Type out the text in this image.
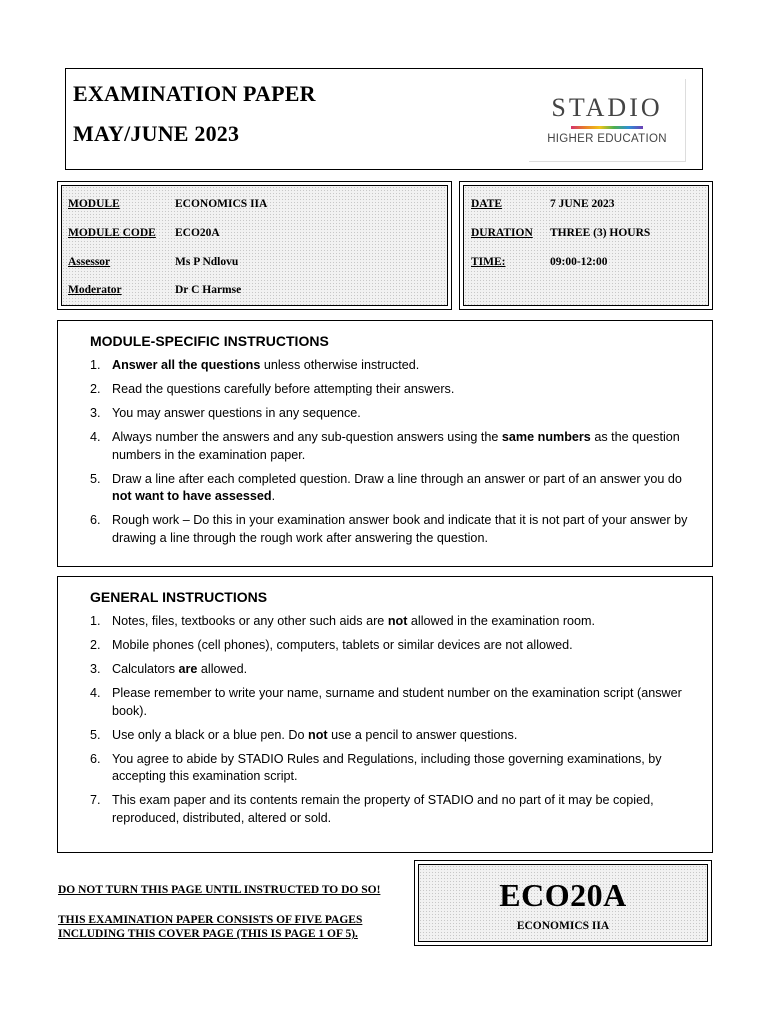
EXAMINATION PAPER
MAY/JUNE 2023
STADIO
HIGHER EDUCATION
MODULE	ECONOMICS IIA
MODULE CODE ECO20A
Assessor	Ms P Ndlovu
Moderator	Dr C Harmse
DATE	7 JUNE 2023
DURATION THREE (3) HOURS
TIME:	09:00-12:00
MODULE-SPECIFIC INSTRUCTIONS
1. Answer all the questions unless otherwise instructed.
2. Read the questions carefully before attempting their answers.
3. You may answer questions in any sequence.
4. Always number the answers and any sub-question answers using the same numbers as the question numbers in the examination paper.
5. Draw a line after each completed question. Draw a line through an answer or part of an answer you do not want to have assessed.
6. Rough work – Do this in your examination answer book and indicate that it is not part of your answer by drawing a line through the rough work after answering the question.
GENERAL INSTRUCTIONS
1. Notes, files, textbooks or any other such aids are not allowed in the examination room.
2. Mobile phones (cell phones), computers, tablets or similar devices are not allowed.
3. Calculators are allowed.
4. Please remember to write your name, surname and student number on the examination script (answer book).
5. Use only a black or a blue pen. Do not use a pencil to answer questions.
6. You agree to abide by STADIO Rules and Regulations, including those governing examinations, by accepting this examination script.
7. This exam paper and its contents remain the property of STADIO and no part of it may be copied, reproduced, distributed, altered or sold.
DO NOT TURN THIS PAGE UNTIL INSTRUCTED TO DO SO!
THIS EXAMINATION PAPER CONSISTS OF FIVE PAGES
INCLUDING THIS COVER PAGE (THIS IS PAGE 1 OF 5).
ECO20A
ECONOMICS IIA
